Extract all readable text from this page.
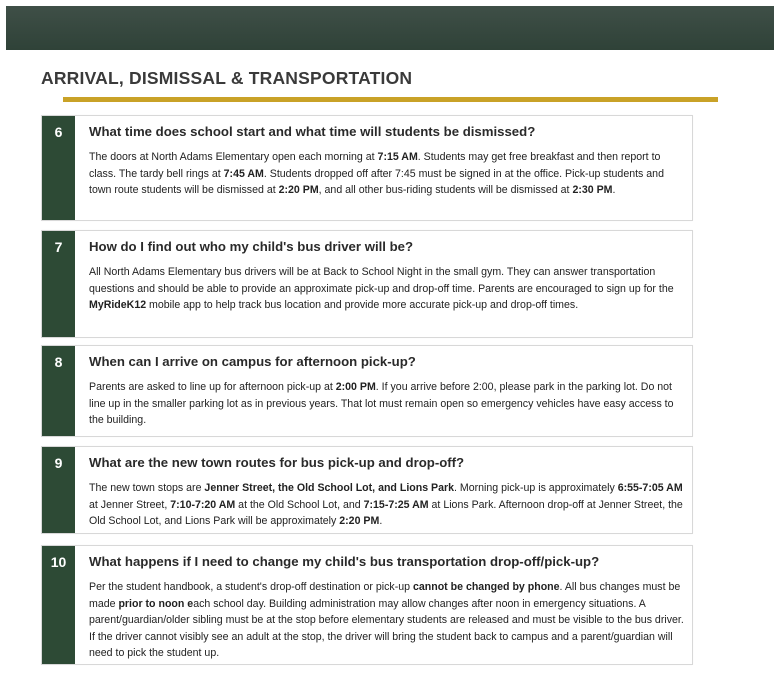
ARRIVAL, DISMISSAL & TRANSPORTATION
6	What time does school start and what time will students be dismissed?

The doors at North Adams Elementary open each morning at 7:15 AM. Students may get free breakfast and then report to class. The tardy bell rings at 7:45 AM. Students dropped off after 7:45 must be signed in at the office. Pick-up students and town route students will be dismissed at 2:20 PM, and all other bus-riding students will be dismissed at 2:30 PM.

7	How do I find out who my child's bus driver will be?

All North Adams Elementary bus drivers will be at Back to School Night in the small gym. They can answer transportation questions and should be able to provide an approximate pick-up and drop-off time. Parents are encouraged to sign up for the MyRideK12 mobile app to help track bus location and provide more accurate pick-up and drop-off times.

8	When can I arrive on campus for afternoon pick-up?

Parents are asked to line up for afternoon pick-up at 2:00 PM. If you arrive before 2:00, please park in the parking lot. Do not line up in the smaller parking lot as in previous years. That lot must remain open so emergency vehicles have easy access to the building.

9	What are the new town routes for bus pick-up and drop-off?

The new town stops are Jenner Street, the Old School Lot, and Lions Park. Morning pick-up is approximately 6:55-7:05 AM at Jenner Street, 7:10-7:20 AM at the Old School Lot, and 7:15-7:25 AM at Lions Park. Afternoon drop-off at Jenner Street, the Old School Lot, and Lions Park will be approximately 2:20 PM.

10	What happens if I need to change my child's bus transportation drop-off/pick-up?

Per the student handbook, a student's drop-off destination or pick-up cannot be changed by phone. All bus changes must be made prior to noon each school day. Building administration may allow changes after noon in emergency situations. A parent/guardian/older sibling must be at the stop before elementary students are released and must be visible to the bus driver. If the driver cannot visibly see an adult at the stop, the driver will bring the student back to campus and a parent/guardian will need to pick the student up.
